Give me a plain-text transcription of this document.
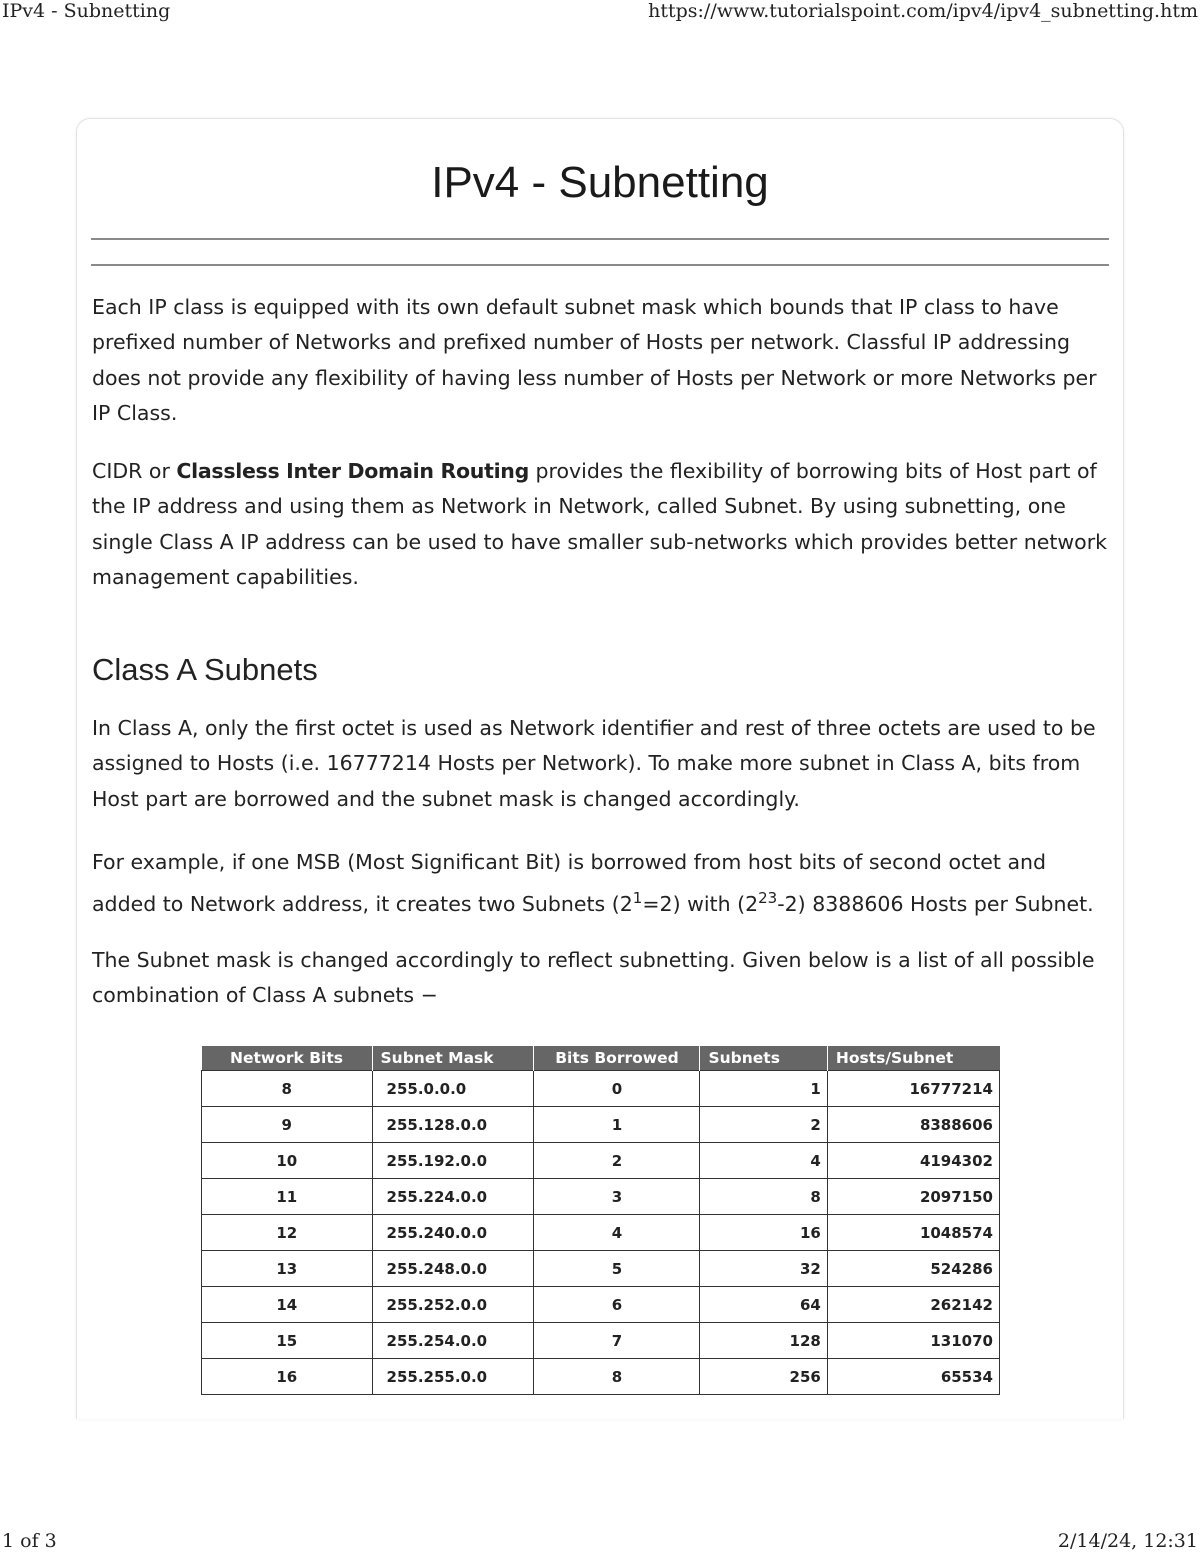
IPv4 - Subnetting	https://www.tutorialspoint.com/ipv4/ipv4_subnetting.htm
IPv4 - Subnetting

Each IP class is equipped with its own default subnet mask which bounds that IP class to have prefixed number of Networks and prefixed number of Hosts per network. Classful IP addressing does not provide any flexibility of having less number of Hosts per Network or more Networks per IP Class.

CIDR or Classless Inter Domain Routing provides the flexibility of borrowing bits of Host part of the IP address and using them as Network in Network, called Subnet. By using subnetting, one single Class A IP address can be used to have smaller sub-networks which provides better network management capabilities.

Class A Subnets

In Class A, only the first octet is used as Network identifier and rest of three octets are used to be assigned to Hosts (i.e. 16777214 Hosts per Network). To make more subnet in Class A, bits from Host part are borrowed and the subnet mask is changed accordingly.

For example, if one MSB (Most Significant Bit) is borrowed from host bits of second octet and added to Network address, it creates two Subnets $(2^1=2)$ with $(2^{23}-2)$ 8388606 Hosts per Subnet.

The Subnet mask is changed accordingly to reflect subnetting. Given below is a list of all possible combination of Class A subnets −

Network Bits	Subnet Mask	Bits Borrowed	Subnets	Hosts/Subnet
8	255.0.0.0	0	1	16777214
9	255.128.0.0	1	2	8388606
10	255.192.0.0	2	4	4194302
11	255.224.0.0	3	8	2097150
12	255.240.0.0	4	16	1048574
13	255.248.0.0	5	32	524286
14	255.252.0.0	6	64	262142
15	255.254.0.0	7	128	131070
16	255.255.0.0	8	256	65534
1 of 3	2/14/24, 12:31
